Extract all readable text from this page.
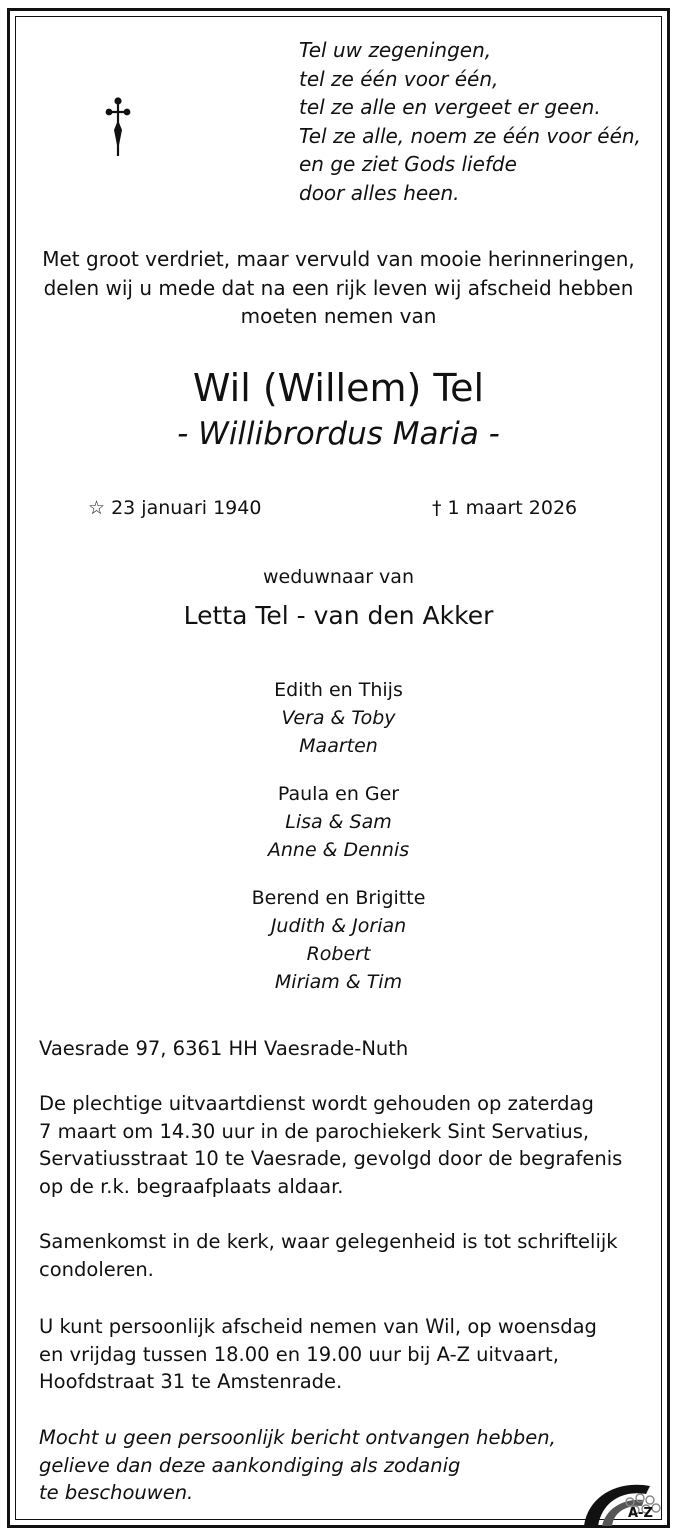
Tel uw zegeningen,
tel ze één voor één,
tel ze alle en vergeet er geen.
Tel ze alle, noem ze één voor één,
en ge ziet Gods liefde
door alles heen.
Met groot verdriet, maar vervuld van mooie herinneringen,
delen wij u mede dat na een rijk leven wij afscheid hebben
moeten nemen van
Wil (Willem) Tel
- Willibrordus Maria -
☆ 23 januari 1940	† 1 maart 2026
weduwnaar van
Letta Tel - van den Akker
Edith en Thijs
Vera & Toby
Maarten
Paula en Ger
Lisa & Sam
Anne & Dennis
Berend en Brigitte
Judith & Jorian
Robert
Miriam & Tim
Vaesrade 97, 6361 HH Vaesrade-Nuth
De plechtige uitvaartdienst wordt gehouden op zaterdag
7 maart om 14.30 uur in de parochiekerk Sint Servatius,
Servatiusstraat 10 te Vaesrade, gevolgd door de begrafenis
op de r.k. begraafplaats aldaar.
Samenkomst in de kerk, waar gelegenheid is tot schriftelijk
condoleren.
U kunt persoonlijk afscheid nemen van Wil, op woensdag
en vrijdag tussen 18.00 en 19.00 uur bij A-Z uitvaart,
Hoofdstraat 31 te Amstenrade.
Mocht u geen persoonlijk bericht ontvangen hebben,
gelieve dan deze aankondiging als zodanig
te beschouwen.
A-Z
